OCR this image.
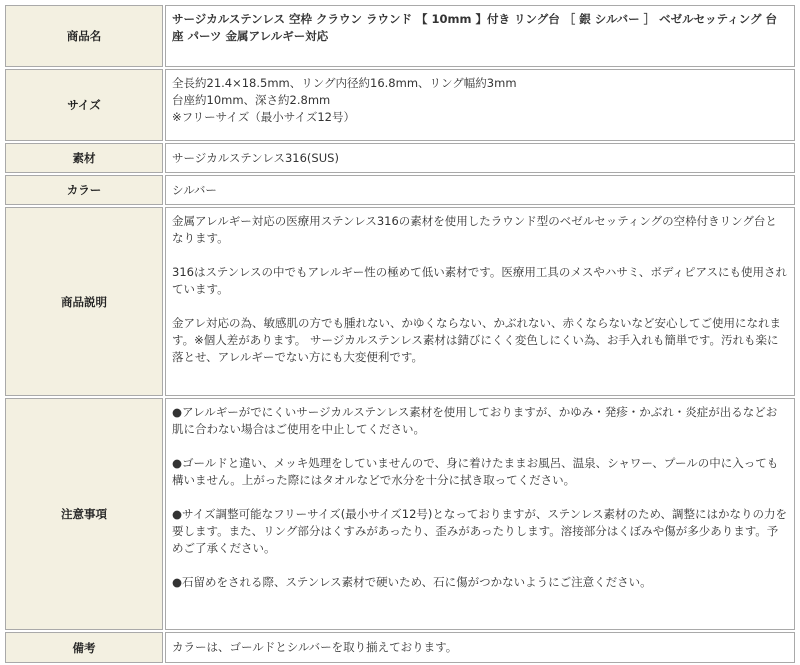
商品名	サージカルステンレス 空枠 クラウン ラウンド 【 10mm 】付き リング台 ［ 銀 シルバー ］ ベゼルセッティング 台座 パーツ 金属アレルギー対応

サイズ	全長約21.4×18.5mm、リング内径約16.8mm、リング幅約3mm
台座約10mm、深さ約2.8mm
※フリーサイズ（最小サイズ12号）

素材	サージカルステンレス316(SUS)
カラー	シルバー
商品説明	金属アレルギー対応の医療用ステンレス316の素材を使用したラウンド型のベゼルセッティングの空枠付きリング台となります。

316はステンレスの中でもアレルギー性の極めて低い素材です。医療用工具のメスやハサミ、ボディピアスにも使用されています。

金アレ対応の為、敏感肌の方でも腫れない、かゆくならない、かぶれない、赤くならないなど安心してご使用になれます。※個人差があります。 サージカルステンレス素材は錆びにくく変色しにくい為、お手入れも簡単です。汚れも楽に落とせ、アレルギーでない方にも大変便利です。

注意事項	●アレルギーがでにくいサージカルステンレス素材を使用しておりますが、かゆみ・発疹・かぶれ・炎症が出るなどお肌に合わない場合はご使用を中止してください。

●ゴールドと違い、メッキ処理をしていませんので、身に着けたままお風呂、温泉、シャワー、プールの中に入っても構いません。上がった際にはタオルなどで水分を十分に拭き取ってください。

●サイズ調整可能なフリーサイズ(最小サイズ12号)となっておりますが、ステンレス素材のため、調整にはかなりの力を要します。また、リング部分はくすみがあったり、歪みがあったりします。溶接部分はくぼみや傷が多少あります。予めご了承ください。

●石留めをされる際、ステンレス素材で硬いため、石に傷がつかないようにご注意ください。

備考	カラーは、ゴールドとシルバーを取り揃えております。
